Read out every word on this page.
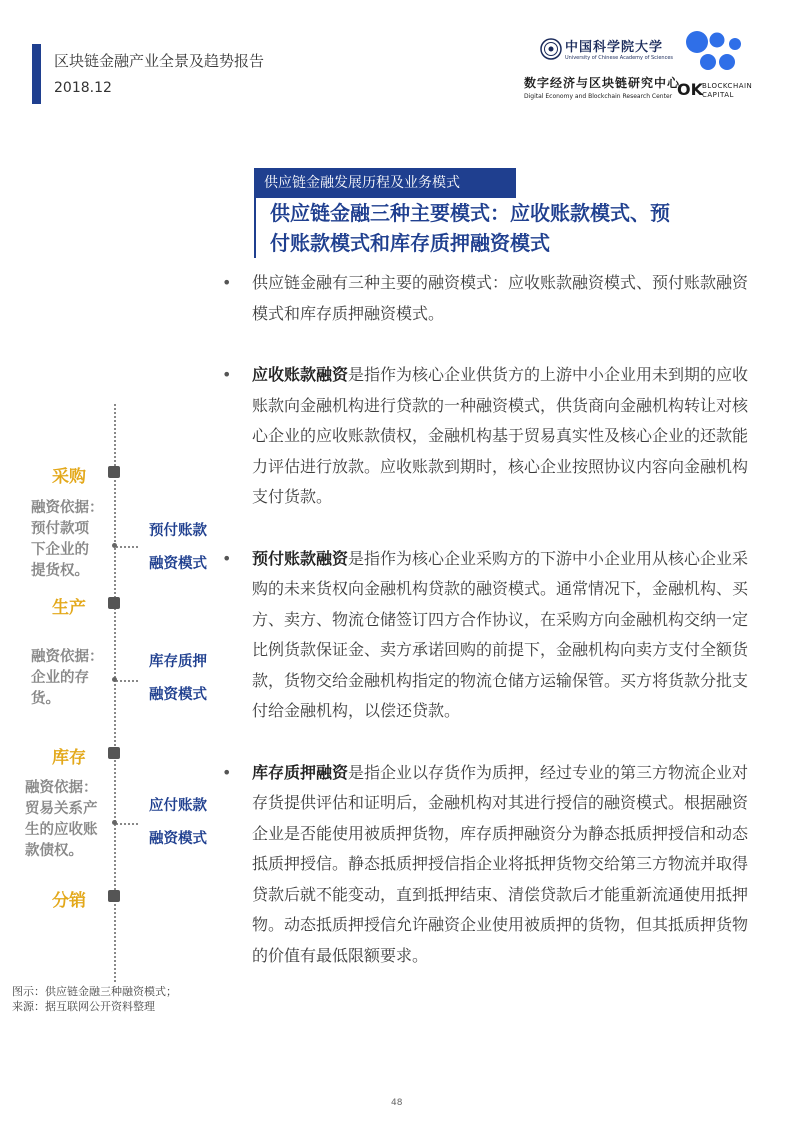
区块链金融产业全景及趋势报告
2018.12
中国科学院大学
University of Chinese Academy of Sciences
数字经济与区块链研究中心
Digital Economy and Blockchain Research Center OK BLOCKCHAIN
CAPITAL
供应链金融发展历程及业务模式
供应链金融三种主要模式：应收账款模式、预
付账款模式和库存质押融资模式
• 供应链金融有三种主要的融资模式：应收账款融资模式、预付账款融资模式和库存质押融资模式。
• 应收账款融资是指作为核心企业供货方的上游中小企业用未到期的应收账款向金融机构进行贷款的一种融资模式，供货商向金融机构转让对核心企业的应收账款债权，金融机构基于贸易真实性及核心企业的还款能力评估进行放款。应收账款到期时，核心企业按照协议内容向金融机构支付货款。
• 预付账款融资是指作为核心企业采购方的下游中小企业用从核心企业采购的未来货权向金融机构贷款的融资模式。通常情况下，金融机构、买方、卖方、物流仓储签订四方合作协议，在采购方向金融机构交纳一定比例货款保证金、卖方承诺回购的前提下，金融机构向卖方支付全额货款，货物交给金融机构指定的物流仓储方运输保管。买方将货款分批支付给金融机构，以偿还贷款。
• 库存质押融资是指企业以存货作为质押，经过专业的第三方物流企业对存货提供评估和证明后，金融机构对其进行授信的融资模式。根据融资企业是否能使用被质押货物，库存质押融资分为静态抵质押授信和动态抵质押授信。静态抵质押授信指企业将抵押货物交给第三方物流并取得贷款后就不能变动，直到抵押结束、清偿贷款后才能重新流通使用抵押物。动态抵质押授信允许融资企业使用被质押的货物，但其抵质押货物的价值有最低限额要求。
采购
生产
库存
分销
融资依据：
预付款项
下企业的
提货权。
融资依据：
企业的存
货。
融资依据：
贸易关系产
生的应收账
款债权。
预付账款
融资模式
库存质押
融资模式
应付账款
融资模式
图示：供应链金融三种融资模式；
来源：据互联网公开资料整理
48
